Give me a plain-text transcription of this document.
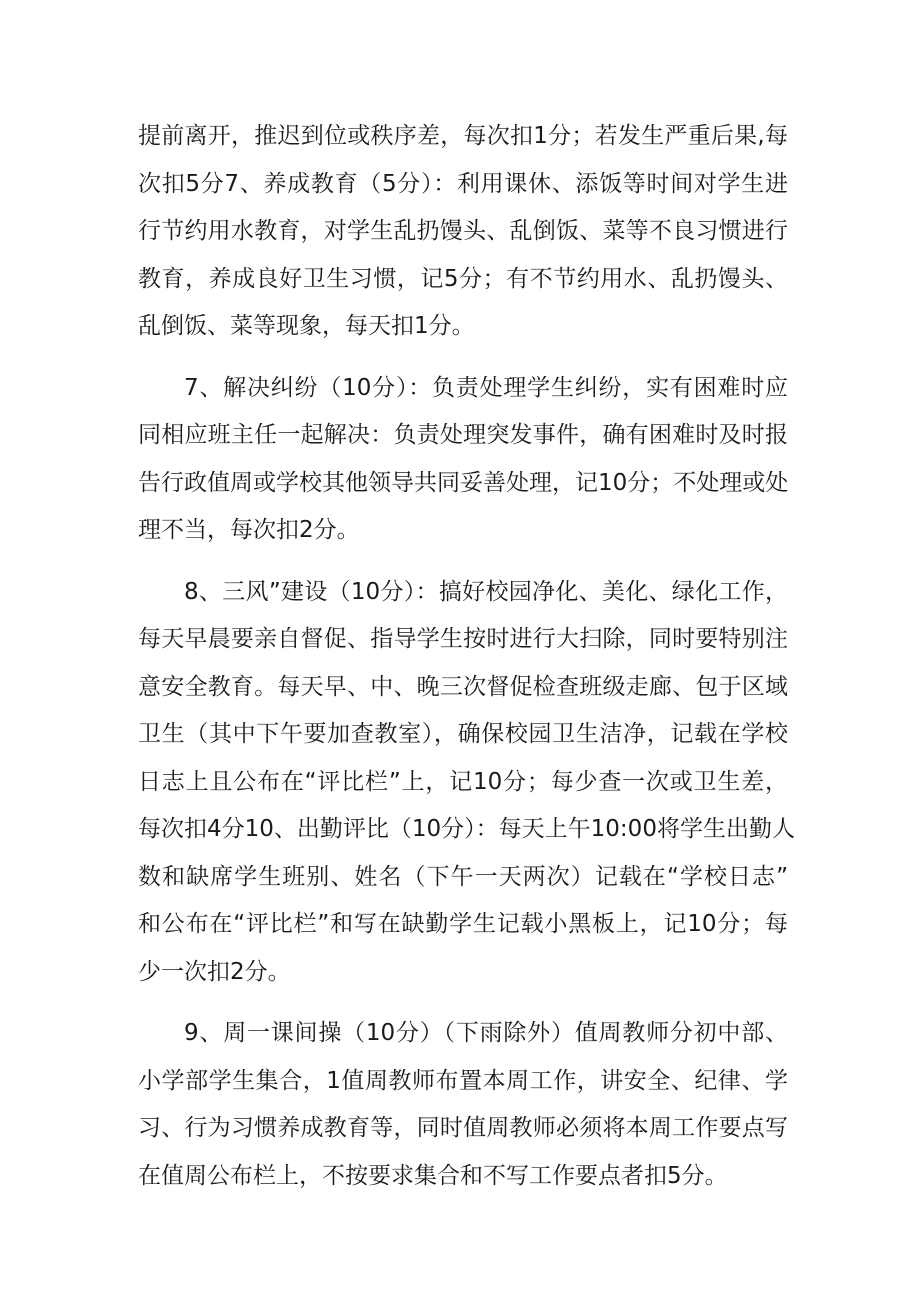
提前离开，推迟到位或秩序差，每次扣1分；若发生严重后果,每
次扣5分7、养成教育（5分）：利用课休、添饭等时间对学生进
行节约用水教育，对学生乱扔馒头、乱倒饭、菜等不良习惯进行
教育，养成良好卫生习惯，记5分；有不节约用水、乱扔馒头、
乱倒饭、菜等现象，每天扣1分。
7、解决纠纷（10分）：负责处理学生纠纷，实有困难时应
同相应班主任一起解决：负责处理突发事件，确有困难时及时报
告行政值周或学校其他领导共同妥善处理，记10分；不处理或处
理不当，每次扣2分。
8、三风”建设（10分）：搞好校园净化、美化、绿化工作，
每天早晨要亲自督促、指导学生按时进行大扫除，同时要特别注
意安全教育。每天早、中、晚三次督促检查班级走廊、包于区域
卫生（其中下午要加查教室），确保校园卫生洁净，记载在学校
日志上且公布在“评比栏”上，记10分；每少查一次或卫生差，
每次扣4分10、出勤评比（10分）：每天上午10:00将学生出勤人
数和缺席学生班别、姓名（下午一天两次）记载在“学校日志”
和公布在“评比栏”和写在缺勤学生记载小黑板上，记10分；每
少一次扣2分。
9、周一课间操（10分）（下雨除外）值周教师分初中部、
小学部学生集合，1值周教师布置本周工作，讲安全、纪律、学
习、行为习惯养成教育等，同时值周教师必须将本周工作要点写
在值周公布栏上，不按要求集合和不写工作要点者扣5分。
